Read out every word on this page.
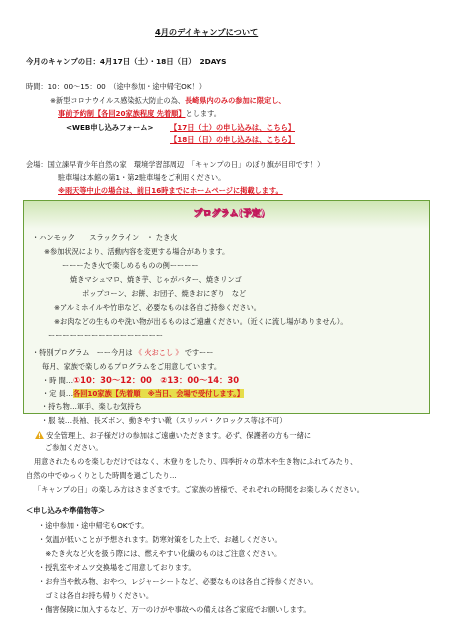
4月のデイキャンプについて
今月のキャンプの日：4月17日（土）・18日（日）　2DAYS
時間：10：00〜15：00　（途中参加・途中帰宅OK！）
※新型コロナウイルス感染拡大防止の為、長崎県内のみの参加に限定し、
事前予約制【各回20家族程度 先着順】とします。
<WEB申し込みフォーム> 【17日（土）の申し込みは、こちら】
【18日（日）の申し込みは、こちら】
会場：国立諫早青少年自然の家　環境学習部周辺　「キャンプの日」のぼり旗が目印です！）
駐車場は本館の第1・第2駐車場をご利用ください。
※雨天等中止の場合は、前日16時までにホームページに掲載します。
プログラム(予定)
・ハンモック　　スラックライン　・ たき火
※参加状況により、活動内容を変更する場合があります。
ーーーたき火で楽しめるものの例ーーーー
焼きマシュマロ、焼き芋、じゃがバター、焼きリンゴ
ポップコーン、お餅、お団子、焼きおにぎり　など
※アルミホイルや竹串など、必要なものは各自ご持参ください。
※お肉などの生ものや洗い物が出るものはご遠慮ください。（近くに流し場がありません）。
ーーーーーーーーーーーーーーーー
・特別プログラム　ーー今月は 《 火おこし 》 ですーー
毎月、家族で楽しめるプログラムをご用意しています。
・時 間…①10：30〜12：00　②13：00〜14：30
・定 員…各回10家族【先着順　※当日、会場で受付します。】
・持ち物…軍手、楽しむ気持ち
・服 装…長袖、長ズボン、動きやすい靴（スリッパ・クロックス等は不可）
安全管理上、お子様だけの参加はご遠慮いただきます。必ず、保護者の方も一緒に
ご参加ください。
用意されたものを楽しむだけではなく、木登りをしたり、四季折々の草木や生き物にふれてみたり、
自然の中でゆっくりとした時間を過ごしたり…
「キャンプの日」の楽しみ方はさまざまです。ご家族の皆様で、それぞれの時間をお楽しみください。
＜申し込みや準備物等＞
・途中参加・途中帰宅もOKです。
・気温が低いことが予想されます。防寒対策をした上で、お越しください。
　※たき火など火を扱う際には、燃えやすい化繊のものはご注意ください。
・授乳室やオムツ交換場をご用意しております。
・お弁当や飲み物、おやつ、レジャーシートなど、必要なものは各自ご持参ください。
　ゴミは各自お持ち帰りください。
・傷害保険に加入するなど、万一のけがや事故への備えは各ご家庭でお願いします。
